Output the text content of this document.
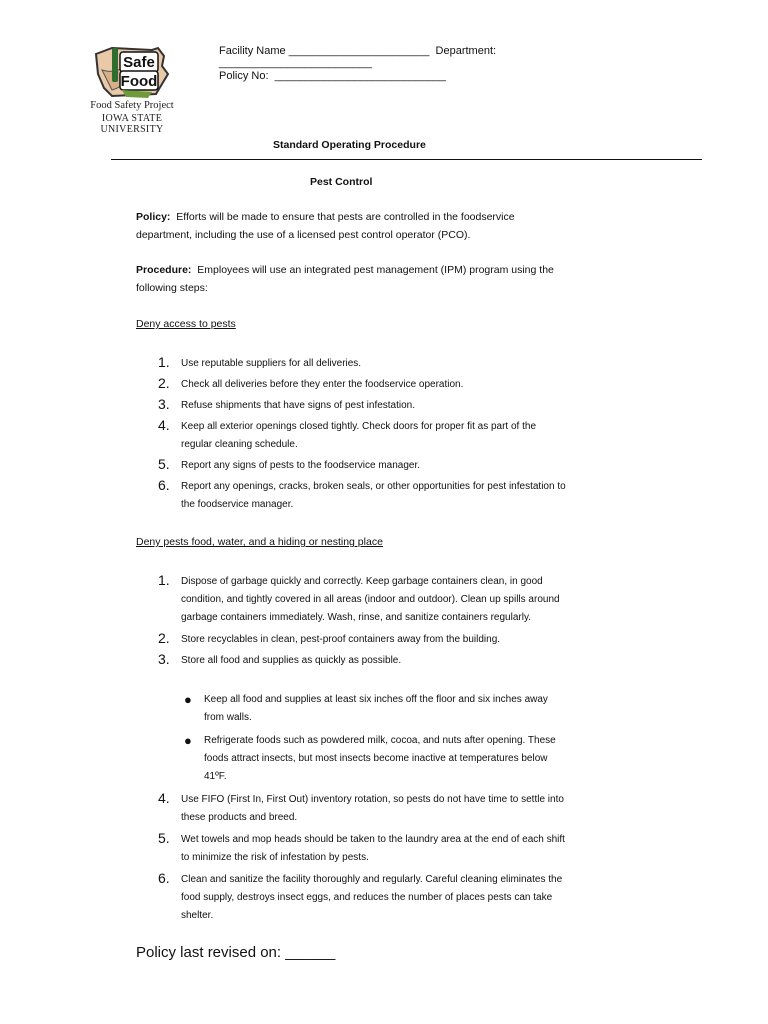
Safe
Food
Food Safety Project
IOWA STATE UNIVERSITY
Facility Name _______________________ Department:
_________________________
Policy No: ____________________________
Standard Operating Procedure
Pest Control
Policy: Efforts will be made to ensure that pests are controlled in the foodservice department, including the use of a licensed pest control operator (PCO).
Procedure: Employees will use an integrated pest management (IPM) program using the following steps:
Deny access to pests
1. Use reputable suppliers for all deliveries.
2. Check all deliveries before they enter the foodservice operation.
3. Refuse shipments that have signs of pest infestation.
4. Keep all exterior openings closed tightly. Check doors for proper fit as part of the regular cleaning schedule.
5. Report any signs of pests to the foodservice manager.
6. Report any openings, cracks, broken seals, or other opportunities for pest infestation to the foodservice manager.
Deny pests food, water, and a hiding or nesting place
1. Dispose of garbage quickly and correctly. Keep garbage containers clean, in good condition, and tightly covered in all areas (indoor and outdoor). Clean up spills around garbage containers immediately. Wash, rinse, and sanitize containers regularly.
2. Store recyclables in clean, pest-proof containers away from the building.
3. Store all food and supplies as quickly as possible.
● Keep all food and supplies at least six inches off the floor and six inches away from walls.
● Refrigerate foods such as powdered milk, cocoa, and nuts after opening. These foods attract insects, but most insects become inactive at temperatures below 41ºF.
4. Use FIFO (First In, First Out) inventory rotation, so pests do not have time to settle into these products and breed.
5. Wet towels and mop heads should be taken to the laundry area at the end of each shift to minimize the risk of infestation by pests.
6. Clean and sanitize the facility thoroughly and regularly. Careful cleaning eliminates the food supply, destroys insect eggs, and reduces the number of places pests can take shelter.
Policy last revised on: ______
